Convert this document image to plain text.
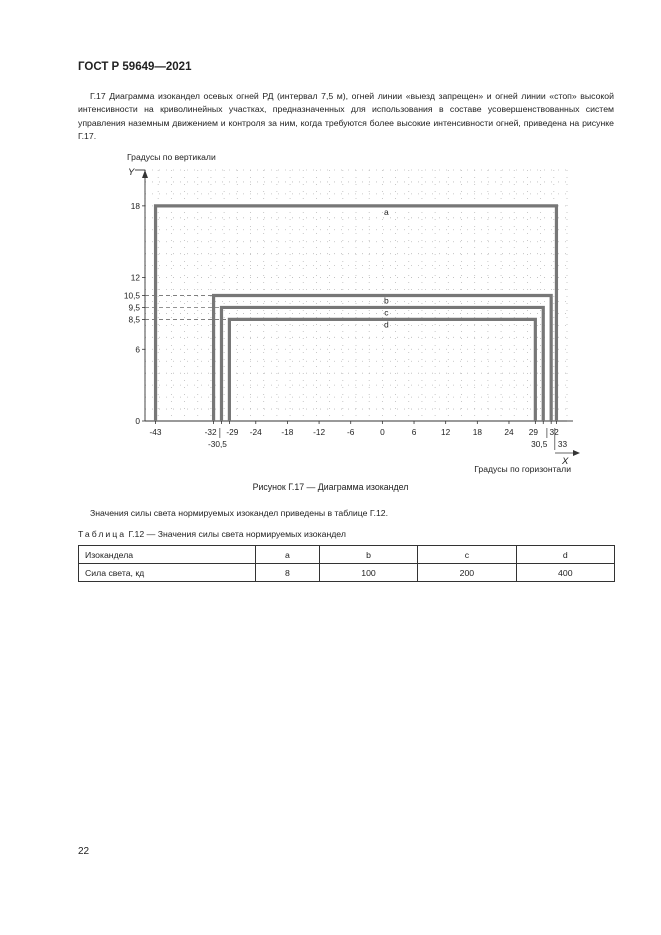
ГОСТ Р 59649—2021
Г.17 Диаграмма изокандел осевых огней РД (интервал 7,5 м), огней линии «выезд запрещен» и огней линии «стоп» высокой интенсивности на криволинейных участках, предназначенных для использования в составе усовершенствованных систем управления наземным движением и контроля за ним, когда требуются более высокие интенсивности огней, приведена на рисунке Г.17.
a
b
c
d
0
6
8,5
9,5
10,5
12
18
-43	-32
-30,5
-29 -24 -18 -12	-6	0	6	12	18	24 29
30,5
32
33
Градусы по вертикали
Y
X
Градусы по горизонтали
Рисунок Г.17 — Диаграмма изокандел
Значения силы света нормируемых изокандел приведены в таблице Г.12.
Таблица Г.12 — Значения силы света нормируемых изокандел
Изокандела	a	b	c	d
Сила света, кд	8	100	200	400
22
